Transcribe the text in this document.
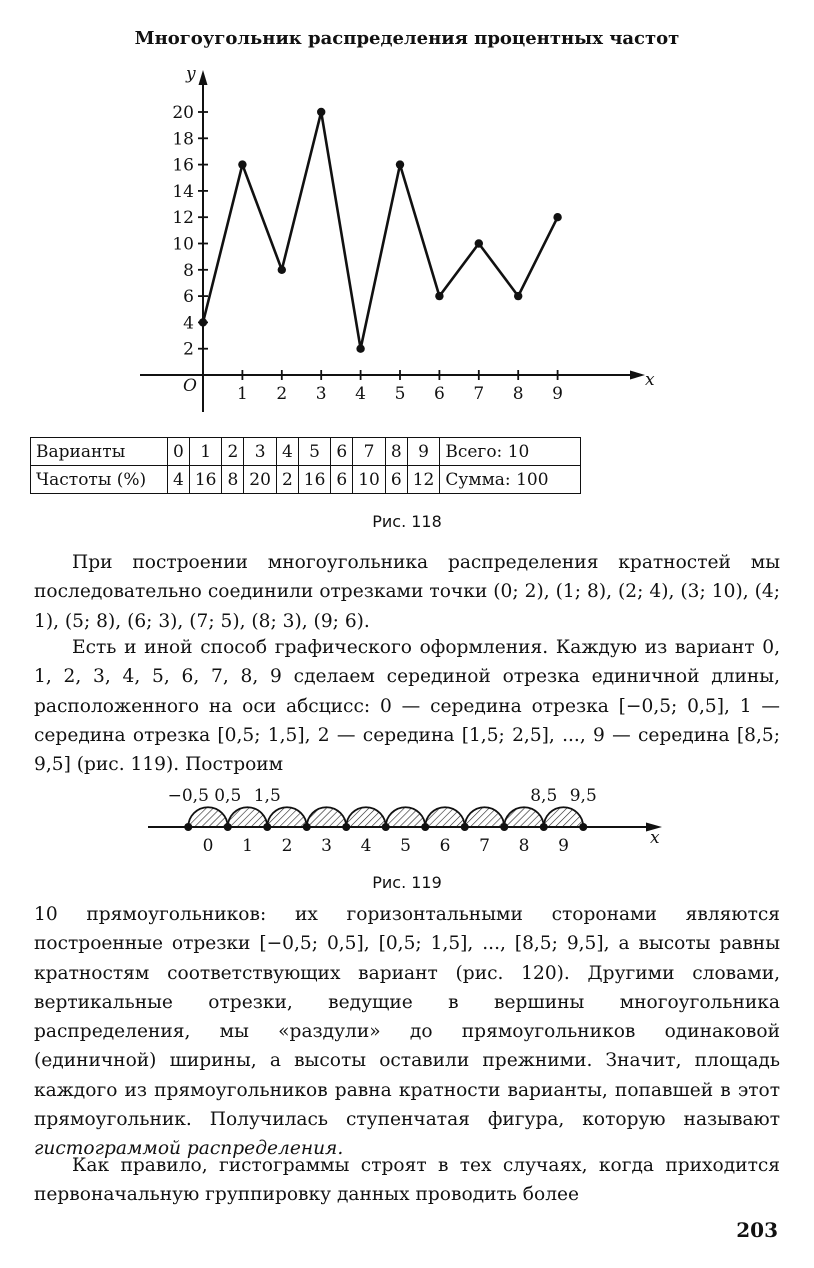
Многоугольник распределения процентных частот
x
y
O
2
4
6
8
10
12
14
16
18
20
1 2 3 4 5 6 7 8 9
Варианты	0	1	2	3	4	5	6	7	8	9	Всего: 10
Частоты (%)	4	16	8	20	2	16	6	10	6	12	Сумма: 100
Рис. 118

При построении многоугольника распределения кратностей мы последовательно соединили отрезками точки (0; 2), (1; 8), (2; 4), (3; 10), (4; 1), (5; 8), (6; 3), (7; 5), (8; 3), (9; 6).

Есть и иной способ графического оформления. Каждую из вариант 0, 1, 2, 3, 4, 5, 6, 7, 8, 9 сделаем серединой отрезка единичной длины, расположенного на оси абсцисс: 0 — середина отрезка [−0,5; 0,5], 1 — середина отрезка [0,5; 1,5], 2 — середина [1,5; 2,5], ..., 9 — середина [8,5; 9,5] (рис. 119). Построим

x
0 1 2 3 4 5 6 7 8 9
−0,5 0,5 1,5	8,5 9,5
Рис. 119

10 прямоугольников: их горизонтальными сторонами являются построенные отрезки [−0,5; 0,5], [0,5; 1,5], ..., [8,5; 9,5], а высоты равны кратностям соответствующих вариант (рис. 120). Другими словами, вертикальные отрезки, ведущие в вершины многоугольника распределения, мы «раздули» до прямоугольников одинаковой (единичной) ширины, а высоты оставили прежними. Значит, площадь каждого из прямоугольников равна кратности варианты, попавшей в этот прямоугольник. Получилась ступенчатая фигура, которую называют гистограммой распределения.

Как правило, гистограммы строят в тех случаях, когда приходится первоначальную группировку данных проводить более

203
